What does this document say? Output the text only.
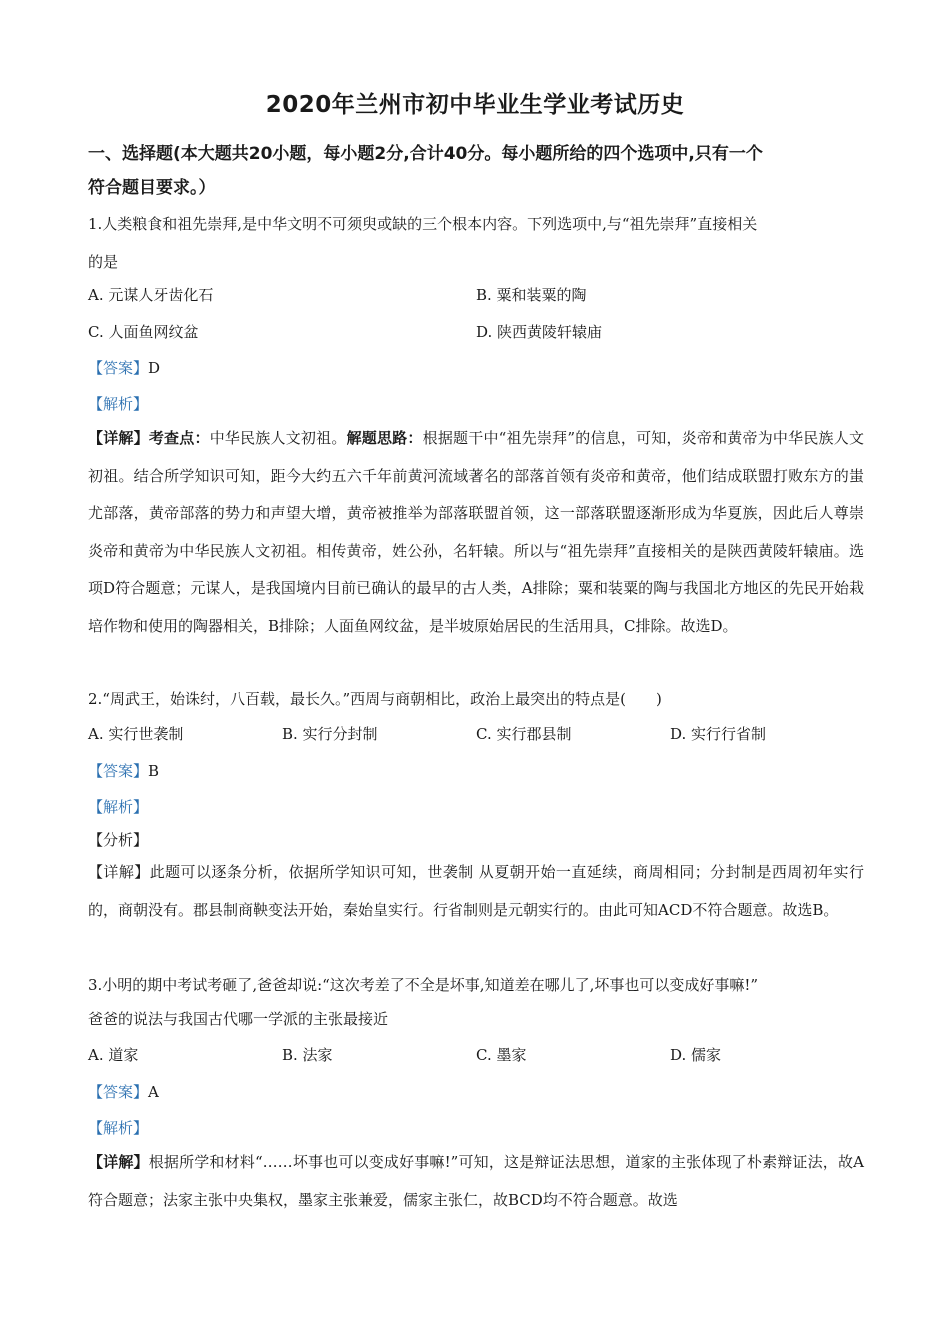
2020年兰州市初中毕业生学业考试历史
一、选择题(本大题共20小题，每小题2分,合计40分。每小题所给的四个选项中,只有一个
符合题目要求。）
1.人类粮食和祖先崇拜,是中华文明不可须臾或缺的三个根本内容。下列选项中,与“祖先崇拜”直接相关
的是
A. 元谋人牙齿化石	B. 粟和装粟的陶
C. 人面鱼网纹盆	D. 陕西黄陵轩辕庙
【答案】D
【解析】
【详解】考查点：中华民族人文初祖。解题思路：根据题干中“祖先崇拜”的信息，可知，炎帝和黄帝为中华民族人文初祖。结合所学知识可知，距今大约五六千年前黄河流域著名的部落首领有炎帝和黄帝，他们结成联盟打败东方的蚩尤部落，黄帝部落的势力和声望大增，黄帝被推举为部落联盟首领，这一部落联盟逐渐形成为华夏族，因此后人尊崇炎帝和黄帝为中华民族人文初祖。相传黄帝，姓公孙，名轩辕。所以与“祖先崇拜”直接相关的是陕西黄陵轩辕庙。选项D符合题意；元谋人，是我国境内目前已确认的最早的古人类，A排除；粟和装粟的陶与我国北方地区的先民开始栽培作物和使用的陶器相关，B排除；人面鱼网纹盆，是半坡原始居民的生活用具，C排除。故选D。
2.“周武王，始诛纣，八百载，最长久。”西周与商朝相比，政治上最突出的特点是(　　)
A. 实行世袭制	B. 实行分封制	C. 实行郡县制	D. 实行行省制
【答案】B
【解析】
【分析】
【详解】此题可以逐条分析，依据所学知识可知，世袭制 从夏朝开始一直延续，商周相同；分封制是西周初年实行的，商朝没有。郡县制商鞅变法开始，秦始皇实行。行省制则是元朝实行的。由此可知ACD不符合题意。故选B。
3.小明的期中考试考砸了,爸爸却说:“这次考差了不全是坏事,知道差在哪儿了,坏事也可以变成好事嘛!”
爸爸的说法与我国古代哪一学派的主张最接近
A. 道家	B. 法家	C. 墨家	D. 儒家
【答案】A
【解析】
【详解】根据所学和材料“……坏事也可以变成好事嘛!”可知，这是辩证法思想，道家的主张体现了朴素辩证法，故A符合题意；法家主张中央集权，墨家主张兼爱，儒家主张仁，故BCD均不符合题意。故选
